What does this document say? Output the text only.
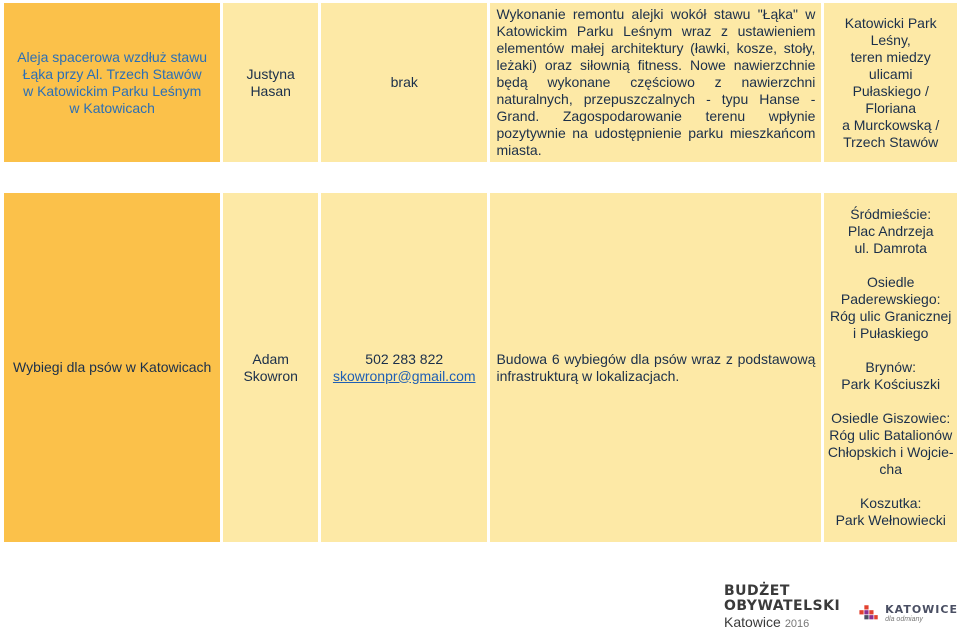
Aleja spacerowa wzdłuż stawu
Łąka przy Al. Trzech Stawów
w Katowickim Parku Leśnym
w Katowicach
Justyna
Hasan
brak
Wykonanie remontu alejki wokół stawu "Łąka" w Katowickim Parku Leśnym wraz z ustawieniem elementów małej architektury (ławki, kosze, stoły, leżaki) oraz siłownią fitness. Nowe nawierzchnie będą wykonane częściowo z nawierzchni naturalnych, przepuszczalnych - typu Hanse - Grand. Zagospodarowanie terenu wpłynie pozytywnie na udostępnienie parku mieszkańcom miasta.
Katowicki Park Leśny,
teren miedzy ulicami
Pułaskiego / Floriana
a Murckowską /
Trzech Stawów
Wybiegi dla psów w Katowicach
Adam
Skowron
502 283 822
skowronpr@gmail.com
Budowa 6 wybiegów dla psów wraz z podstawową infrastrukturą w lokalizacjach.
Śródmieście:
Plac Andrzeja
ul. Damrota
Osiedle
Paderewskiego:
Róg ulic Granicznej
i Pułaskiego
Brynów:
Park Kościuszki
Osiedle Giszowiec:
Róg ulic Batalionów
Chłopskich i Wojcie-
cha
Koszutka:
Park Wełnowiecki
BUDŻET
OBYWATELSKI
Katowice 2016
KATOWICE
dla odmiany
